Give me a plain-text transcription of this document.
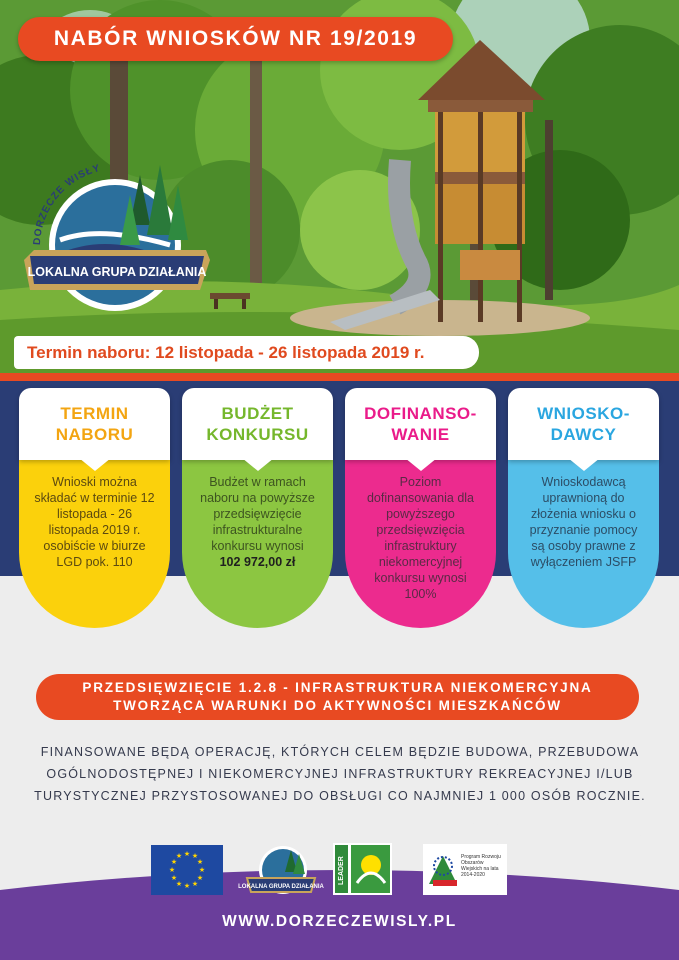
NABÓR WNIOSKÓW NR 19/2019
DORZECZE WISŁY
LOKALNA GRUPA DZIAŁANIA
Termin naboru: 12 listopada - 26 listopada 2019 r.
TERMIN
NABORU

Wnioski można składać w terminie 12 listopada - 26 listopada 2019 r. osobiście w biurze LGD pok. 110

BUDŻET
KONKURSU

Budżet w ramach naboru na powyższe przedsięwzięcie infrastrukturalne konkursu wynosi

102 972,00 zł

DOFINANSO-
WANIE

Poziom dofinansowania dla powyższego przedsięwzięcia infrastruktury niekomercyjnej konkursu wynosi 100%

WNIOSKO-
DAWCY

Wnioskodawcą uprawnioną do złożenia wniosku o przyznanie pomocy są osoby prawne z wyłączeniem JSFP

PRZEDSIĘWZIĘCIE 1.2.8 - INFRASTRUKTURA NIEKOMERCYJNA
TWORZĄCA WARUNKI DO AKTYWNOŚCI MIESZKAŃCÓW
FINANSOWANE BĘDĄ OPERACJĘ, KTÓRYCH CELEM BĘDZIE BUDOWA, PRZEBUDOWA
OGÓLNODOSTĘPNEJ I NIEKOMERCYJNEJ INFRASTRUKTURY REKREACYJNEJ I/LUB
TURYSTYCZNEJ PRZYSTOSOWANEJ DO OBSŁUGI CO NAJMNIEJ 1 000 OSÓB ROCZNIE.
★ ★
★
★
★
★
★
★
★
★
★
★
LOKALNA GRUPA DZIAŁANIA
LEADER	Program Rozwoju Obszarów Wiejskich na lata 2014-2020
WWW.DORZECZEWISLY.PL
